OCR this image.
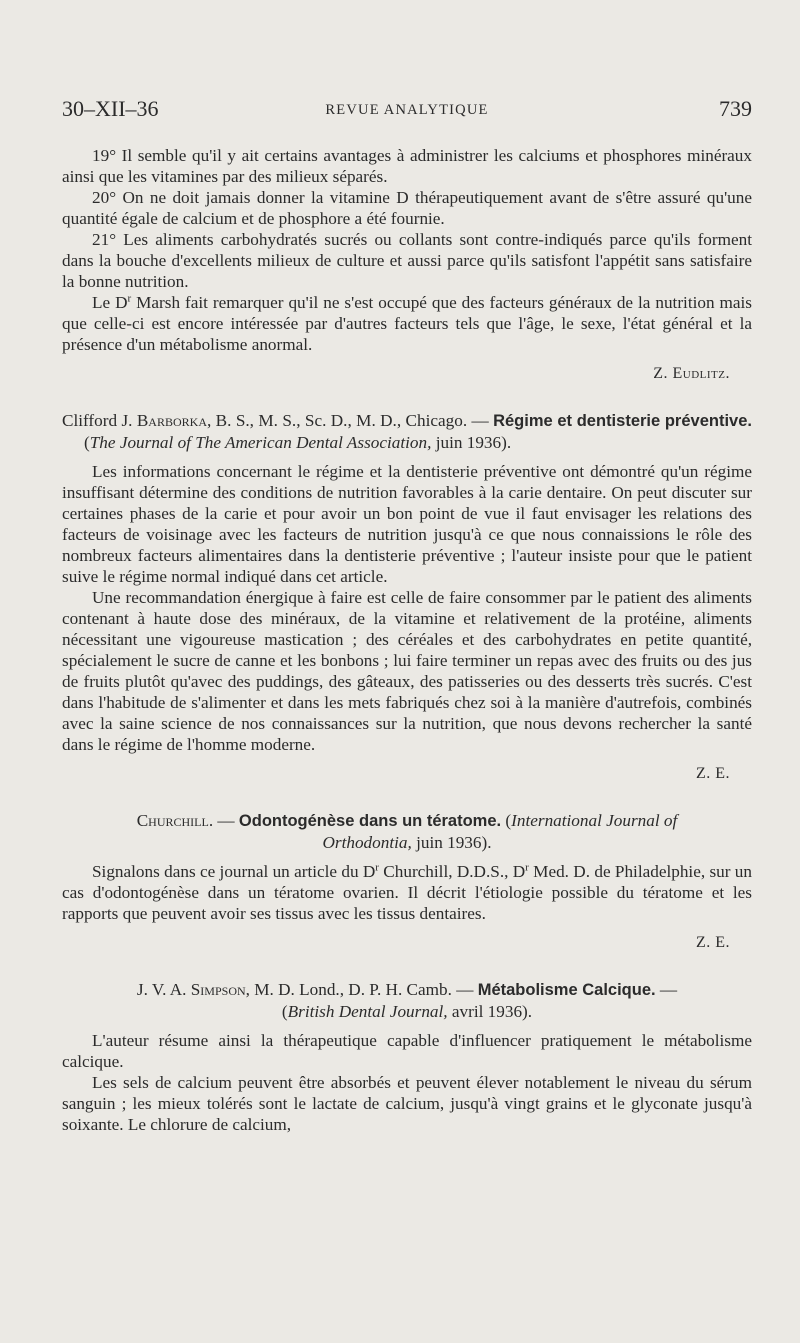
30–XII–36	REVUE ANALYTIQUE	739

19° Il semble qu'il y ait certains avantages à administrer les calciums et phosphores minéraux ainsi que les vitamines par des milieux séparés.

20° On ne doit jamais donner la vitamine D thérapeutiquement avant de s'être assuré qu'une quantité égale de calcium et de phosphore a été fournie.

21° Les aliments carbohydratés sucrés ou collants sont contre-indiqués parce qu'ils forment dans la bouche d'excellents milieux de culture et aussi parce qu'ils satisfont l'appétit sans satisfaire la bonne nutrition.

Le $D^r$ Marsh fait remarquer qu'il ne s'est occupé que des facteurs généraux de la nutrition mais que celle-ci est encore intéressée par d'autres facteurs tels que l'âge, le sexe, l'état général et la présence d'un métabolisme anormal.

Z. Eudlitz.

Clifford J. Barborka, B. S., M. S., Sc. D., M. D., Chicago. — Régime et dentisterie préventive. (The Journal of The American Dental Association, juin 1936).

Les informations concernant le régime et la dentisterie préventive ont démontré qu'un régime insuffisant détermine des conditions de nutrition favorables à la carie dentaire. On peut discuter sur certaines phases de la carie et pour avoir un bon point de vue il faut envisager les relations des facteurs de voisinage avec les facteurs de nutrition jusqu'à ce que nous connaissions le rôle des nombreux facteurs alimentaires dans la dentisterie préventive ; l'auteur insiste pour que le patient suive le régime normal indiqué dans cet article.

Une recommandation énergique à faire est celle de faire consommer par le patient des aliments contenant à haute dose des minéraux, de la vitamine et relativement de la protéine, aliments nécessitant une vigoureuse mastication ; des céréales et des carbohydrates en petite quantité, spécialement le sucre de canne et les bonbons ; lui faire terminer un repas avec des fruits ou des jus de fruits plutôt qu'avec des puddings, des gâteaux, des patisseries ou des desserts très sucrés. C'est dans l'habitude de s'alimenter et dans les mets fabriqués chez soi à la manière d'autrefois, combinés avec la saine science de nos connaissances sur la nutrition, que nous devons rechercher la santé dans le régime de l'homme moderne.

Z. E.

Churchill. — Odontogénèse dans un tératome. (International Journal of Orthodontia, juin 1936).

Signalons dans ce journal un article du $D^r$ Churchill, D.D.S., $D^r$ Med. D. de Philadelphie, sur un cas d'odontogénèse dans un tératome ovarien. Il décrit l'étiologie possible du tératome et les rapports que peuvent avoir ses tissus avec les tissus dentaires.

Z. E.

J. V. A. Simpson, M. D. Lond., D. P. H. Camb. — Métabolisme Calcique. —
(British Dental Journal, avril 1936).

L'auteur résume ainsi la thérapeutique capable d'influencer pratiquement le métabolisme calcique.

Les sels de calcium peuvent être absorbés et peuvent élever notablement le niveau du sérum sanguin ; les mieux tolérés sont le lactate de calcium, jusqu'à vingt grains et le glyconate jusqu'à soixante. Le chlorure de calcium,
